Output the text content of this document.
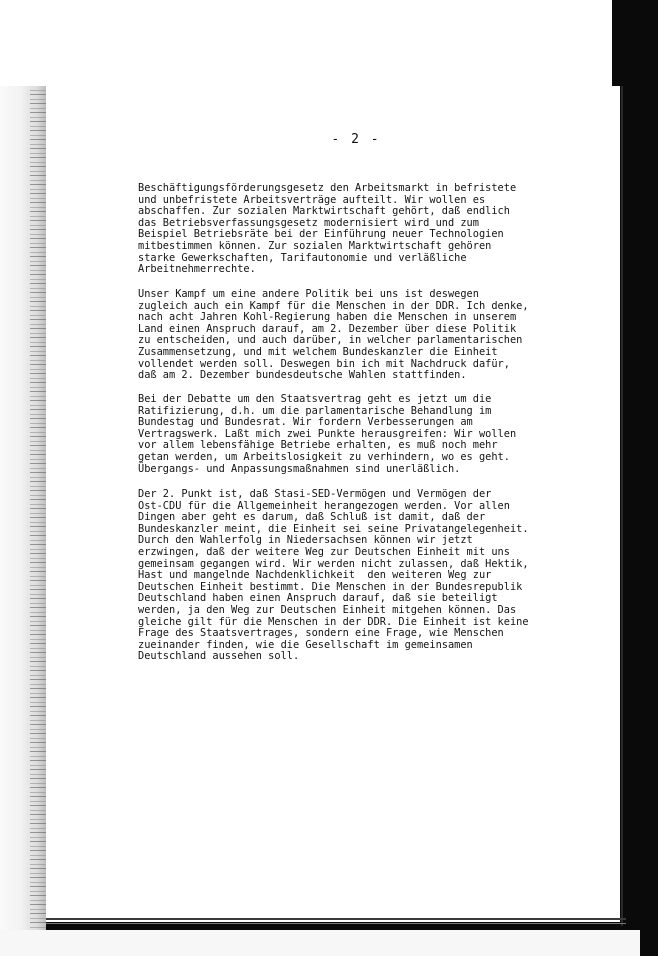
- 2 -

Beschäftigungsförderungsgesetz den Arbeitsmarkt in befristete
und unbefristete Arbeitsverträge aufteilt. Wir wollen es
abschaffen. Zur sozialen Marktwirtschaft gehört, daß endlich
das Betriebsverfassungsgesetz modernisiert wird und zum
Beispiel Betriebsräte bei der Einführung neuer Technologien
mitbestimmen können. Zur sozialen Marktwirtschaft gehören
starke Gewerkschaften, Tarifautonomie und verläßliche
Arbeitnehmerrechte.

Unser Kampf um eine andere Politik bei uns ist deswegen
zugleich auch ein Kampf für die Menschen in der DDR. Ich denke,
nach acht Jahren Kohl-Regierung haben die Menschen in unserem
Land einen Anspruch darauf, am 2. Dezember über diese Politik
zu entscheiden, und auch darüber, in welcher parlamentarischen
Zusammensetzung, und mit welchem Bundeskanzler die Einheit
vollendet werden soll. Deswegen bin ich mit Nachdruck dafür,
daß am 2. Dezember bundesdeutsche Wahlen stattfinden.

Bei der Debatte um den Staatsvertrag geht es jetzt um die
Ratifizierung, d.h. um die parlamentarische Behandlung im
Bundestag und Bundesrat. Wir fordern Verbesserungen am
Vertragswerk. Laßt mich zwei Punkte herausgreifen: Wir wollen
vor allem lebensfähige Betriebe erhalten, es muß noch mehr
getan werden, um Arbeitslosigkeit zu verhindern, wo es geht.
Übergangs- und Anpassungsmaßnahmen sind unerläßlich.

Der 2. Punkt ist, daß Stasi-SED-Vermögen und Vermögen der
Ost-CDU für die Allgemeinheit herangezogen werden. Vor allen
Dingen aber geht es darum, daß Schluß ist damit, daß der
Bundeskanzler meint, die Einheit sei seine Privatangelegenheit.
Durch den Wahlerfolg in Niedersachsen können wir jetzt
erzwingen, daß der weitere Weg zur Deutschen Einheit mit uns
gemeinsam gegangen wird. Wir werden nicht zulassen, daß Hektik,
Hast und mangelnde Nachdenklichkeit  den weiteren Weg zur
Deutschen Einheit bestimmt. Die Menschen in der Bundesrepublik
Deutschland haben einen Anspruch darauf, daß sie beteiligt
werden, ja den Weg zur Deutschen Einheit mitgehen können. Das
gleiche gilt für die Menschen in der DDR. Die Einheit ist keine
Frage des Staatsvertrages, sondern eine Frage, wie Menschen
zueinander finden, wie die Gesellschaft im gemeinsamen
Deutschland aussehen soll.
